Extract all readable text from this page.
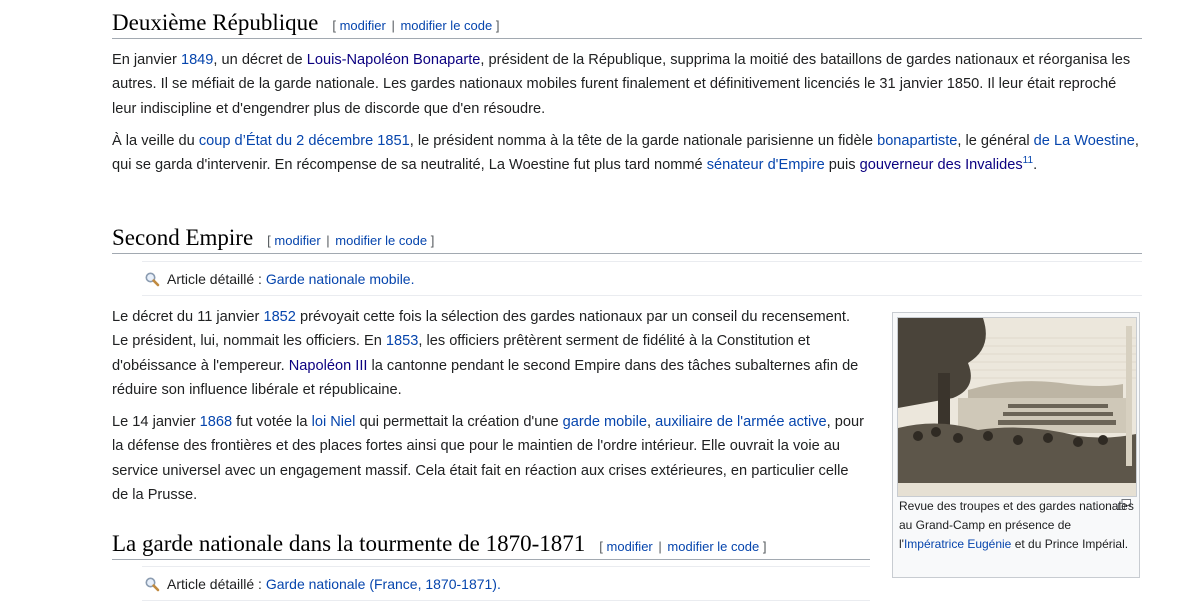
Deuxième République [ modifier | modifier le code ]

En janvier 1849, un décret de Louis-Napoléon Bonaparte, président de la République, supprima la moitié des bataillons de gardes nationaux et réorganisa les autres. Il se méfiait de la garde nationale. Les gardes nationaux mobiles furent finalement et définitivement licenciés le 31 janvier 1850. Il leur était reproché leur indiscipline et d'engendrer plus de discorde que d'en résoudre.

À la veille du coup d’État du 2 décembre 1851, le président nomma à la tête de la garde nationale parisienne un fidèle bonapartiste, le général de La Woestine, qui se garda d'intervenir. En récompense de sa neutralité, La Woestine fut plus tard nommé sénateur d'Empire puis gouverneur des Invalides$^{11}$.

Second Empire [ modifier | modifier le code ]
Article détaillé :
Garde nationale mobile .

Le décret du 11 janvier 1852 prévoyait cette fois la sélection des gardes nationaux par un conseil du recensement. Le président, lui, nommait les officiers. En 1853, les officiers prêtèrent serment de fidélité à la Constitution et d'obéissance à l'empereur. Napoléon III la cantonne pendant le second Empire dans des tâches subalternes afin de réduire son influence libérale et républicaine.

Le 14 janvier 1868 fut votée la loi Niel qui permettait la création d'une garde mobile, auxiliaire de l'armée active, pour la défense des frontières et des places fortes ainsi que pour le maintien de l'ordre intérieur. Elle ouvrait la voie au service universel avec un engagement massif. Cela était fait en réaction aux crises extérieures, en particulier celle de la Prusse.

Revue des troupes et des gardes nationales au Grand-Camp en présence de l'Impératrice Eugénie et du Prince Impérial.
La garde nationale dans la tourmente de 1870-1871 [ modifier | modifier le code ]
Article détaillé :
Garde nationale (France, 1870-1871) .
